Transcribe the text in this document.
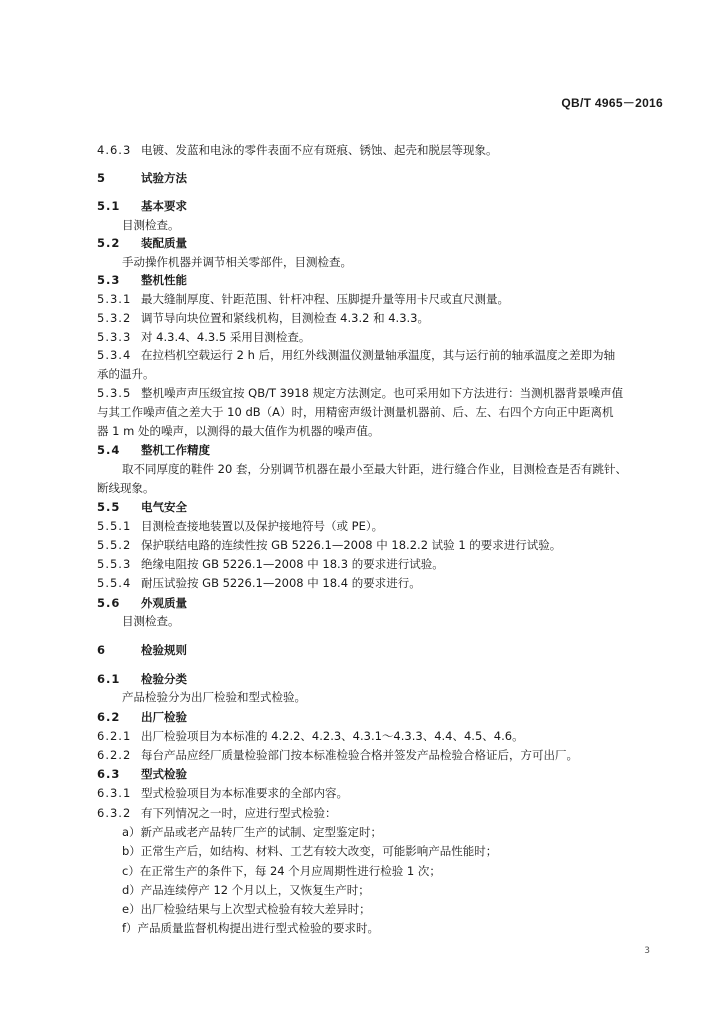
QB/T 4965－2016
4.6.3 电镀、发蓝和电泳的零件表面不应有斑痕、锈蚀、起壳和脱层等现象。
5	试验方法
5.1 基本要求
目测检查。
5.2 装配质量
手动操作机器并调节相关零部件，目测检查。
5.3 整机性能
5.3.1 最大缝制厚度、针距范围、针杆冲程、压脚提升量等用卡尺或直尺测量。
5.3.2 调节导向块位置和紧线机构，目测检查 4.3.2 和 4.3.3。
5.3.3 对 4.3.4、4.3.5 采用目测检查。
5.3.4 在拉档机空载运行 2 h 后，用红外线测温仪测量轴承温度，其与运行前的轴承温度之差即为轴
承的温升。
5.3.5 整机噪声声压级宜按 QB/T 3918 规定方法测定。也可采用如下方法进行：当测机器背景噪声值
与其工作噪声值之差大于 10 dB（A）时，用精密声级计测量机器前、后、左、右四个方向正中距离机
器 1 m 处的噪声，以测得的最大值作为机器的噪声值。
5.4 整机工作精度
取不同厚度的鞋件 20 套，分别调节机器在最小至最大针距，进行缝合作业，目测检查是否有跳针、
断线现象。
5.5 电气安全
5.5.1 目测检查接地装置以及保护接地符号（或 PE）。
5.5.2 保护联结电路的连续性按 GB 5226.1—2008 中 18.2.2 试验 1 的要求进行试验。
5.5.3 绝缘电阻按 GB 5226.1—2008 中 18.3 的要求进行试验。
5.5.4 耐压试验按 GB 5226.1—2008 中 18.4 的要求进行。
5.6 外观质量
目测检查。
6	检验规则
6.1 检验分类
产品检验分为出厂检验和型式检验。
6.2 出厂检验
6.2.1 出厂检验项目为本标准的 4.2.2、4.2.3、4.3.1～4.3.3、4.4、4.5、4.6。
6.2.2 每台产品应经厂质量检验部门按本标准检验合格并签发产品检验合格证后，方可出厂。
6.3 型式检验
6.3.1 型式检验项目为本标准要求的全部内容。
6.3.2 有下列情况之一时，应进行型式检验：
a）新产品或老产品转厂生产的试制、定型鉴定时；
b）正常生产后，如结构、材料、工艺有较大改变，可能影响产品性能时；
c）在正常生产的条件下，每 24 个月应周期性进行检验 1 次；
d）产品连续停产 12 个月以上，又恢复生产时；
e）出厂检验结果与上次型式检验有较大差异时；
f）产品质量监督机构提出进行型式检验的要求时。
3
